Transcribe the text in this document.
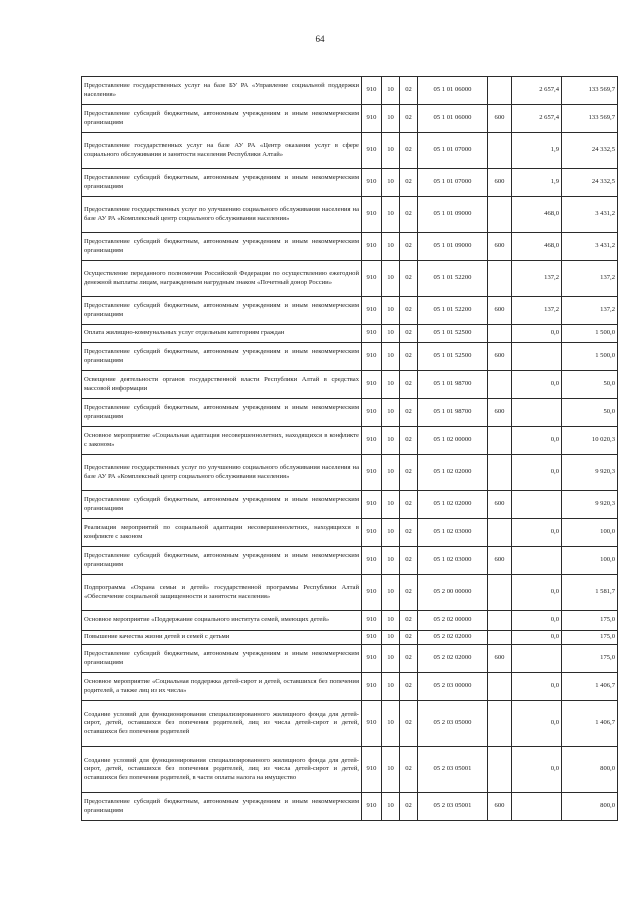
64
Предоставление государственных услуг на базе БУ РА «Управление социальной поддержки населения»	910	10	02	05 1 01 06000		2 657,4	133 569,7
Предоставление субсидий бюджетным, автономным учреждениям и иным некоммерческим организациям	910	10	02	05 1 01 06000	600	2 657,4	133 569,7
Предоставление государственных услуг на базе АУ РА «Центр оказания услуг в сфере социального обслуживания и занятости населения Республики Алтай»	910	10	02	05 1 01 07000		1,9	24 332,5
Предоставление субсидий бюджетным, автономным учреждениям и иным некоммерческим организациям	910	10	02	05 1 01 07000	600	1,9	24 332,5
Предоставление государственных услуг по улучшению социального обслуживания населения на базе АУ РА «Комплексный центр социального обслуживания населения»	910	10	02	05 1 01 09000		468,0	3 431,2
Предоставление субсидий бюджетным, автономным учреждениям и иным некоммерческим организациям	910	10	02	05 1 01 09000	600	468,0	3 431,2
Осуществление переданного полномочия Российской Федерации по осуществлению ежегодной денежной выплаты лицам, награжденным нагрудным знаком «Почетный донор России»	910	10	02	05 1 01 52200		137,2	137,2
Предоставление субсидий бюджетным, автономным учреждениям и иным некоммерческим организациям	910	10	02	05 1 01 52200	600	137,2	137,2
Оплата жилищно-коммунальных услуг отдельным категориям граждан	910	10	02	05 1 01 52500		0,0	1 500,0
Предоставление субсидий бюджетным, автономным учреждениям и иным некоммерческим организациям	910	10	02	05 1 01 52500	600		1 500,0
Освещение деятельности органов государственной власти Республики Алтай в средствах массовой информации	910	10	02	05 1 01 98700		0,0	50,0
Предоставление субсидий бюджетным, автономным учреждениям и иным некоммерческим организациям	910	10	02	05 1 01 98700	600		50,0
Основное мероприятие «Социальная адаптация несовершеннолетних, находящихся в конфликте с законом»	910	10	02	05 1 02 00000		0,0	10 020,3
Предоставление государственных услуг по улучшению социального обслуживания населения на базе АУ РА «Комплексный центр социального обслуживания населения»	910	10	02	05 1 02 02000		0,0	9 920,3
Предоставление субсидий бюджетным, автономным учреждениям и иным некоммерческим организациям	910	10	02	05 1 02 02000	600		9 920,3
Реализация мероприятий по социальной адаптации несовершеннолетних, находящихся в конфликте с законом	910	10	02	05 1 02 03000		0,0	100,0
Предоставление субсидий бюджетным, автономным учреждениям и иным некоммерческим организациям	910	10	02	05 1 02 03000	600		100,0
Подпрограмма «Охрана семьи и детей» государственной программы Республики Алтай «Обеспечение социальной защищенности и занятости населения»	910	10	02	05 2 00 00000		0,0	1 581,7
Основное мероприятие «Поддержание социального института семей, имеющих детей»	910	10	02	05 2 02 00000		0,0	175,0
Повышение качества жизни детей и семей с детьми	910	10	02	05 2 02 02000		0,0	175,0
Предоставление субсидий бюджетным, автономным учреждениям и иным некоммерческим организациям	910	10	02	05 2 02 02000	600		175,0
Основное мероприятие «Социальная поддержка детей-сирот и детей, оставшихся без попечения родителей, а также лиц из их числа»	910	10	02	05 2 03 00000		0,0	1 406,7
Создание условий для функционирования специализированного жилищного фонда для детей-сирот, детей, оставшихся без попечения родителей, лиц из числа детей-сирот и детей, оставшихся без попечения родителей	910	10	02	05 2 03 05000		0,0	1 406,7
Создание условий для функционирования специализированного жилищного фонда для детей-сирот, детей, оставшихся без попечения родителей, лиц из числа детей-сирот и детей, оставшихся без попечения родителей, в части оплаты налога на имущество	910	10	02	05 2 03 05001		0,0	800,0
Предоставление субсидий бюджетным, автономным учреждениям и иным некоммерческим организациям	910	10	02	05 2 03 05001	600		800,0
